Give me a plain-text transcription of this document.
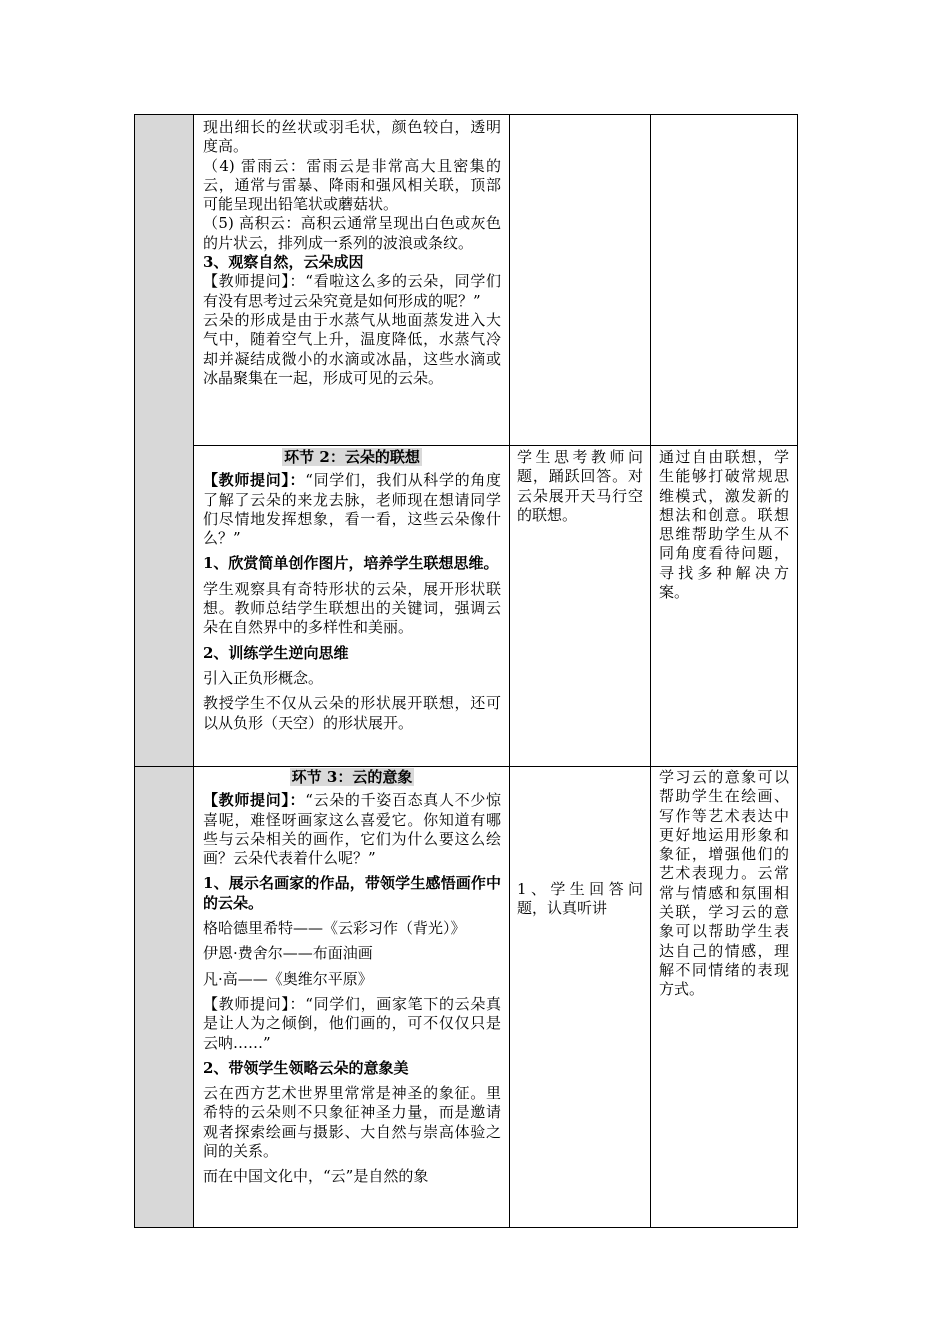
现出细长的丝状或羽毛状，颜色较白，透明度高。

（4) 雷雨云：雷雨云是非常高大且密集的云，通常与雷暴、降雨和强风相关联，顶部可能呈现出铅笔状或蘑菇状。

（5) 高积云：高积云通常呈现出白色或灰色的片状云，排列成一系列的波浪或条纹。

3、观察自然，云朵成因

【教师提问】：“看啦这么多的云朵，同学们有没有思考过云朵究竟是如何形成的呢？”

云朵的形成是由于水蒸气从地面蒸发进入大气中，随着空气上升，温度降低，水蒸气冷却并凝结成微小的水滴或冰晶，这些水滴或冰晶聚集在一起，形成可见的云朵。

环节 2：云朵的联想

【教师提问】：“同学们，我们从科学的角度了解了云朵的来龙去脉，老师现在想请同学们尽情地发挥想象，看一看，这些云朵像什么？”

1、欣赏简单创作图片，培养学生联想思维。

学生观察具有奇特形状的云朵，展开形状联想。教师总结学生联想出的关键词，强调云朵在自然界中的多样性和美丽。

2、训练学生逆向思维

引入正负形概念。

教授学生不仅从云朵的形状展开联想，还可以从负形（天空）的形状展开。

学生思考教师问题，踊跃回答。对云朵展开天马行空的联想。

通过自由联想，学生能够打破常规思维模式，激发新的想法和创意。联想思维帮助学生从不同角度看待问题，寻找多种解决方案。

环节 3：云的意象

【教师提问】：“云朵的千姿百态真人不少惊喜呢，难怪呀画家这么喜爱它。你知道有哪些与云朵相关的画作，它们为什么要这么绘画？云朵代表着什么呢？”

1、展示名画家的作品，带领学生感悟画作中的云朵。

格哈德里希特——《云彩习作（背光）》

伊恩·费舍尔——布面油画

凡·高——《奥维尔平原》

【教师提问】：“同学们，画家笔下的云朵真是让人为之倾倒，他们画的，可不仅仅只是云呐……”

2、带领学生领略云朵的意象美

云在西方艺术世界里常常是神圣的象征。里希特的云朵则不只象征神圣力量，而是邀请观者探索绘画与摄影、大自然与崇高体验之间的关系。

而在中国文化中，“云”是自然的象

1、学生回答问题，认真听讲

学习云的意象可以帮助学生在绘画、写作等艺术表达中更好地运用形象和象征，增强他们的艺术表现力。云常常与情感和氛围相关联，学习云的意象可以帮助学生表达自己的情感，理解不同情绪的表现方式。
